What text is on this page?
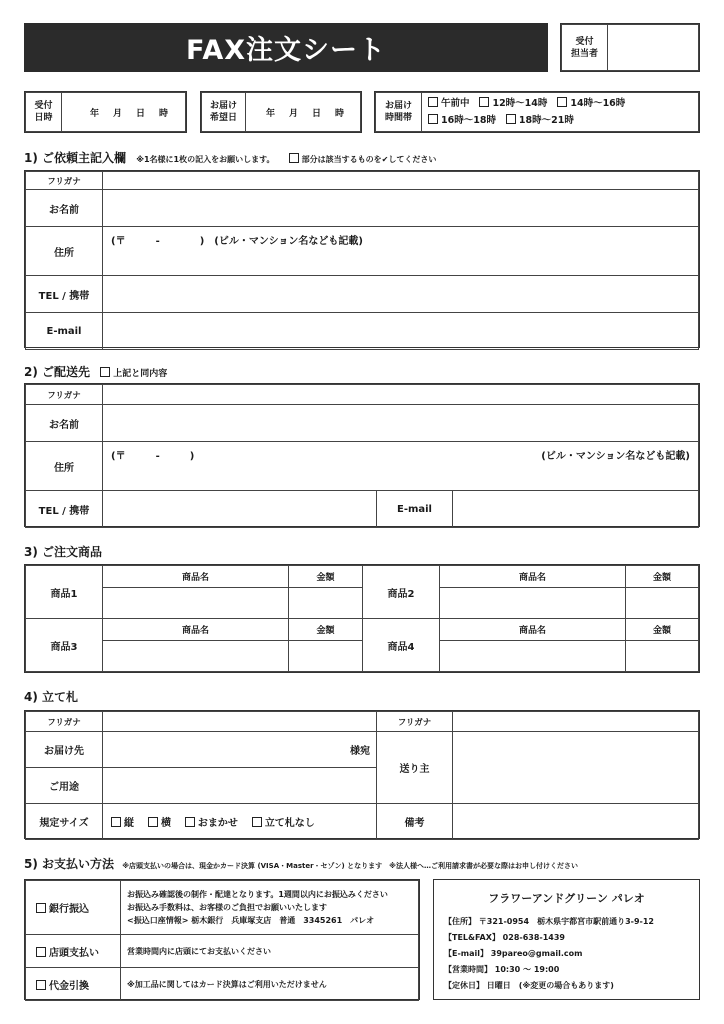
FAX注文シート	受付
担当者	
受付
日時	年 月 日 時
お届け
希望日	年 月 日 時
お届け
時間帯	午前中 12時～14時 14時～16時
16時～18時 18時～21時
1) ご依頼主記入欄 ※1名様に1枚の記入をお願いします。	部分は該当するものを✔してください
フリガナ	
お名前	
住所	(〒　　　-　　　　)　(ビル・マンション名なども記載)
TEL / 携帯	
E-mail	
2) ご配送先	上記と同内容
フリガナ			
お名前			
住所	(〒　　　-　　　) (ビル・マンション名なども記載)		

TEL / 携帯		E-mail	
3) ご注文商品
商品1	商品名	金額	商品2	商品名	金額

商品3	商品名	金額	商品4	商品名	金額

4) 立て札
フリガナ		フリガナ	
お届け先	様宛	送り主	
ご用途			
規定サイズ	縦 横 おまかせ 立て札なし	備考	
5) お支払い方法 ※店頭支払いの場合は、現金かカード決算 (VISA・Master・セゾン) となります　※法人様へ…ご利用請求書が必要な際はお申し付けください
銀行振込	お振込み確認後の制作・配達となります。1週間以内にお振込みください
お振込み手数料は、お客様のご負担でお願いいたします
<振込口座情報> 栃木銀行　兵庫塚支店　普通　3345261　パレオ

店頭支払い	営業時間内に店頭にてお支払いください
代金引換	※加工品に関してはカード決算はご利用いただけません
フラワーアンドグリーン パレオ
【住所】 〒321-0954　栃木県宇都宮市駅前通り3-9-12
【TEL&FAX】 028-638-1439
【E-mail】 39pareo@gmail.com
【営業時間】 10:30 ～ 19:00
【定休日】 日曜日　(※変更の場合もあります)
